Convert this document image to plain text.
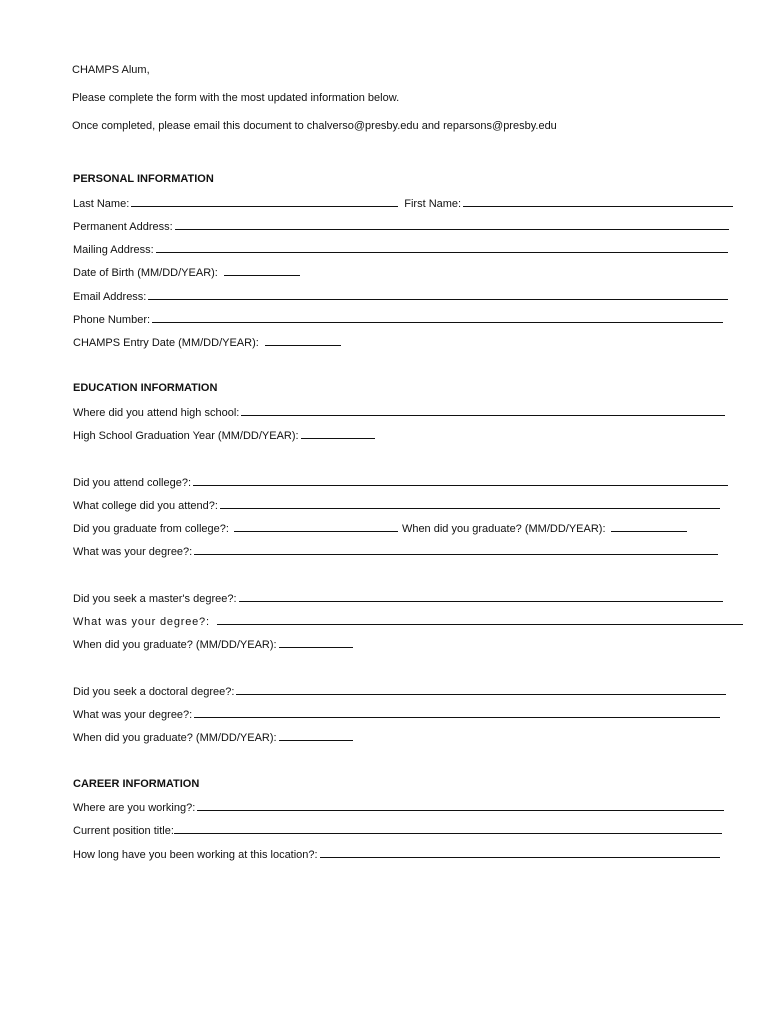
CHAMPS Alum,
Please complete the form with the most updated information below.
Once completed, please email this document to chalverso@presby.edu and reparsons@presby.edu
PERSONAL INFORMATION
Last Name:	First Name:
Permanent Address:
Mailing Address:
Date of Birth (MM/DD/YEAR):
Email Address:
Phone Number:
CHAMPS Entry Date (MM/DD/YEAR):
EDUCATION INFORMATION
Where did you attend high school:
High School Graduation Year (MM/DD/YEAR):
Did you attend college?:
What college did you attend?:
Did you graduate from college?:	When did you graduate? (MM/DD/YEAR):
What was your degree?:
Did you seek a master's degree?:
What was your degree?:
When did you graduate? (MM/DD/YEAR):
Did you seek a doctoral degree?:
What was your degree?:
When did you graduate? (MM/DD/YEAR):
CAREER INFORMATION
Where are you working?:
Current position title:
How long have you been working at this location?:
